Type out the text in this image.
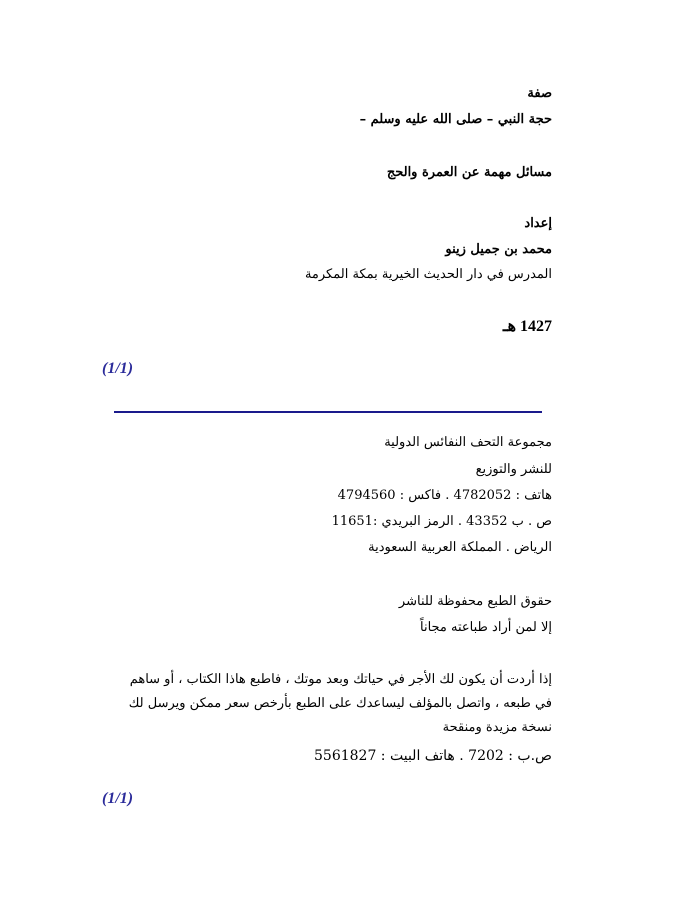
صفة
حجة النبي – صلى الله عليه وسلم –
مسائل مهمة عن العمرة والحج
إعداد
محمد بن جميل زينو
المدرس في دار الحديث الخيرية بمكة المكرمة
1427 هـ
(1/1)
مجموعة التحف النفائس الدولية
للنشر والتوزيع
هاتف : 4782052 . فاكس : 4794560
ص . ب 43352 . الرمز البريدي :11651
الرياض . المملكة العربية السعودية
حقوق الطبع محفوظة للناشر
إلا لمن أراد طباعته مجاناً
إذا أردت أن يكون لك الأجر في حياتك وبعد موتك ، فاطبع هاذا الكتاب ، أو ساهم في طبعه ، واتصل بالمؤلف ليساعدك على الطبع بأرخص سعر ممكن ويرسل لك نسخة مزيدة ومنقحة
ص.ب : 7202 . هاتف البيت : 5561827
(1/1)
